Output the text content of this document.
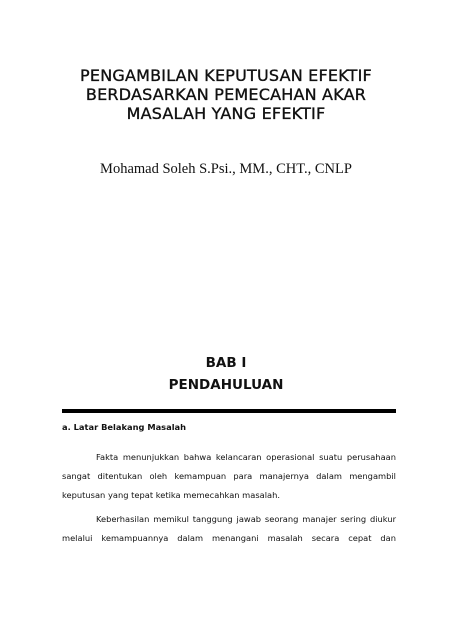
PENGAMBILAN KEPUTUSAN EFEKTIF
BERDASARKAN PEMECAHAN AKAR
MASALAH YANG EFEKTIF
Mohamad Soleh S.Psi., MM., CHT., CNLP
BAB I
PENDAHULUAN
a. Latar Belakang Masalah
Fakta menunjukkan bahwa kelancaran operasional suatu perusahaan
sangat ditentukan oleh kemampuan para manajernya dalam mengambil
keputusan yang tepat ketika memecahkan masalah.
Keberhasilan memikul tanggung jawab seorang manajer sering diukur
melalui kemampuannya dalam menangani masalah secara cepat dan
